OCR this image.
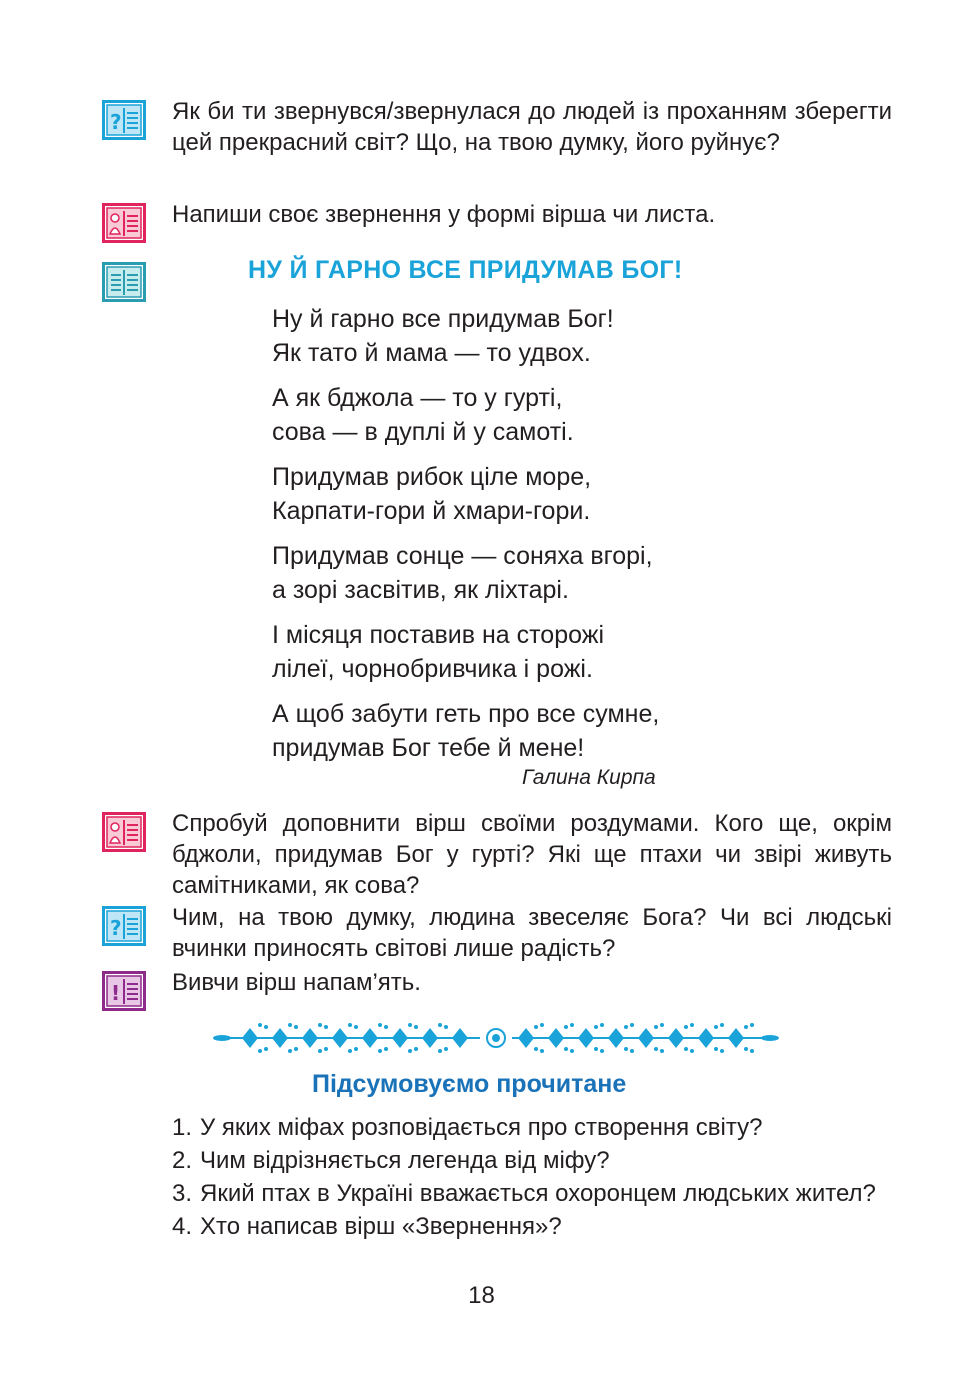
? Як би ти звернувся/звернулася до людей із проханням зберегти цей прекрасний світ? Що, на твою думку, його руйнує?
Напиши своє звернення у формі вірша чи листа.
НУ Й ГАРНО ВСЕ ПРИДУМАВ БОГ!
Ну й гарно все придумав Бог!
Як тато й мама — то удвох.
А як бджола — то у гурті,
сова — в дуплі й у самоті.
Придумав рибок ціле море,
Карпати-гори й хмари-гори.
Придумав сонце — соняха вгорі,
а зорі засвітив, як ліхтарі.
І місяця поставив на сторожі
лілеї, чорнобривчика і рожі.
А щоб забути геть про все сумне,
придумав Бог тебе й мене!
Галина Кирпа
Спробуй доповнити вірш своїми роздумами. Кого ще, окрім бджоли, придумав Бог у гурті? Які ще птахи чи звірі живуть самітниками, як сова?
? Чим, на твою думку, людина звеселяє Бога? Чи всі людські вчинки приносять світові лише радість?
! Вивчи вірш напам’ять.
Підсумовуємо прочитане
1. У яких міфах розповідається про створення світу?
2. Чим відрізняється легенда від міфу?
3. Який птах в Україні вважається охоронцем людських жител?
4. Хто написав вірш «Звернення»?
18
